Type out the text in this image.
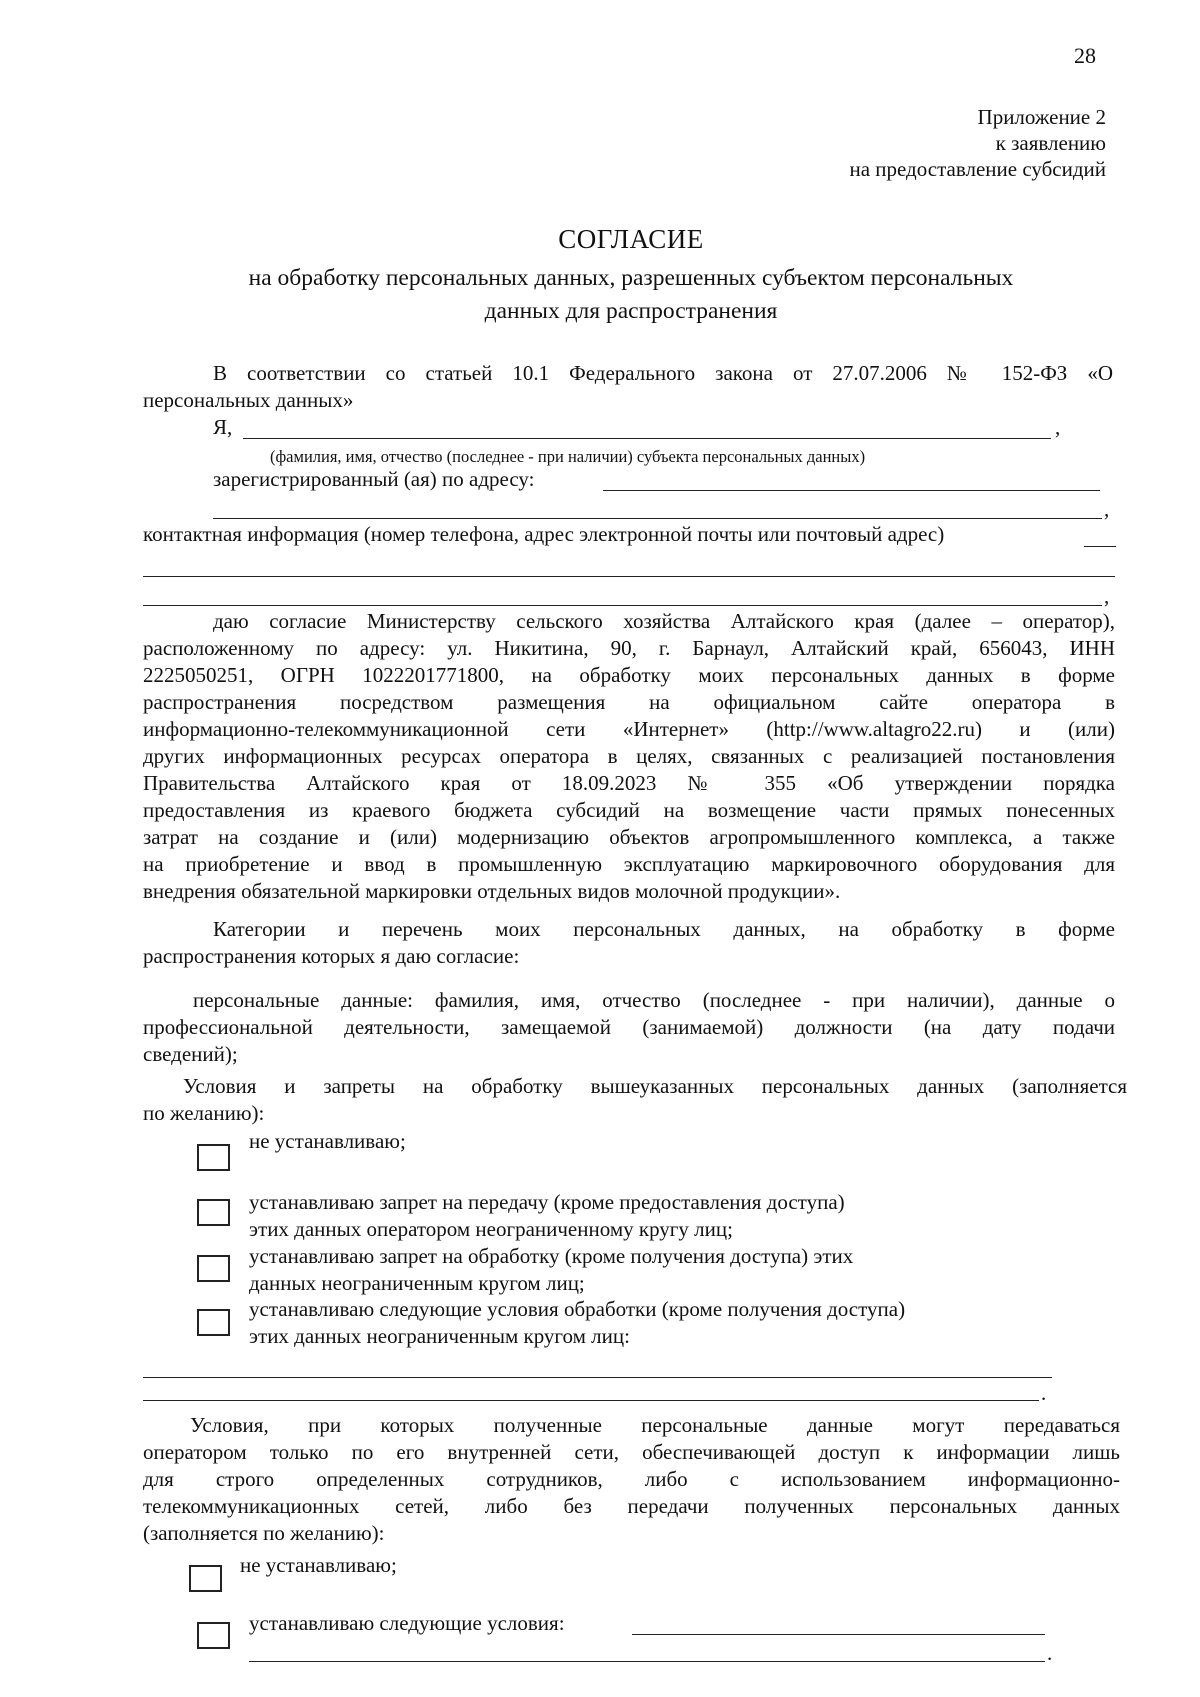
28
Приложение 2
к заявлению
на предоставление субсидий
СОГЛАСИЕ
на обработку персональных данных, разрешенных субъектом персональных
данных для распространения
В соответствии со статьей 10.1 Федерального закона от 27.07.2006 № 152-ФЗ «О
персональных данных»
Я,	,
(фамилия, имя, отчество (последнее - при наличии) субъекта персональных данных)
зарегистрированный (ая) по адресу:
,
контактная информация (номер телефона, адрес электронной почты или почтовый адрес)
,
даю согласие Министерству сельского хозяйства Алтайского края (далее – оператор),
расположенному по адресу: ул. Никитина, 90, г. Барнаул, Алтайский край, 656043, ИНН
2225050251, ОГРН 1022201771800, на обработку моих персональных данных в форме
распространения посредством размещения на официальном сайте оператора в
информационно-телекоммуникационной сети «Интернет» (http://www.altagro22.ru) и (или)
других информационных ресурсах оператора в целях, связанных с реализацией постановления
Правительства Алтайского края от 18.09.2023 № 355 «Об утверждении порядка
предоставления из краевого бюджета субсидий на возмещение части прямых понесенных
затрат на создание и (или) модернизацию объектов агропромышленного комплекса, а также
на приобретение и ввод в промышленную эксплуатацию маркировочного оборудования для
внедрения обязательной маркировки отдельных видов молочной продукции».
Категории и перечень моих персональных данных, на обработку в форме
распространения которых я даю согласие:
персональные данные: фамилия, имя, отчество (последнее - при наличии), данные о
профессиональной деятельности, замещаемой (занимаемой) должности (на дату подачи
сведений);
Условия и запреты на обработку вышеуказанных персональных данных (заполняется
по желанию):
не устанавливаю;
устанавливаю запрет на передачу (кроме предоставления доступа)
этих данных оператором неограниченному кругу лиц;
устанавливаю запрет на обработку (кроме получения доступа) этих
данных неограниченным кругом лиц;
устанавливаю следующие условия обработки (кроме получения доступа)
этих данных неограниченным кругом лиц:
.
Условия, при которых полученные персональные данные могут передаваться
оператором только по его внутренней сети, обеспечивающей доступ к информации лишь
для строго определенных сотрудников, либо с использованием информационно-
телекоммуникационных сетей, либо без передачи полученных персональных данных
(заполняется по желанию):
не устанавливаю;
устанавливаю следующие условия:
.
